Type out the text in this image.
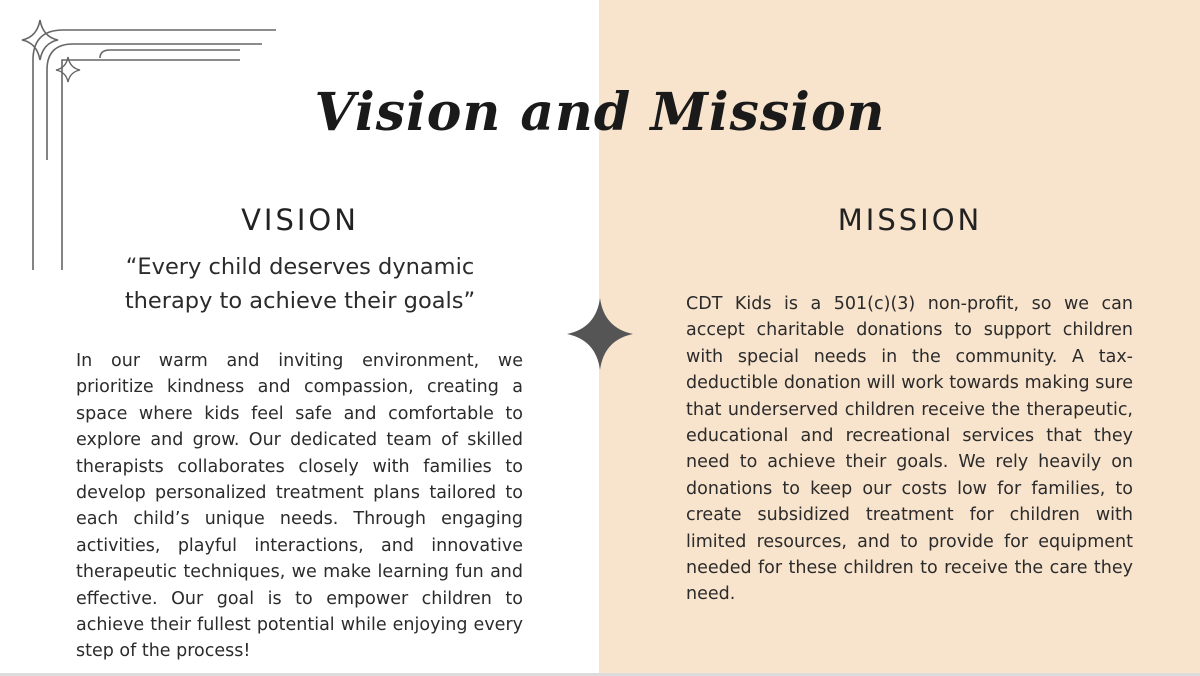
Vision and Mission
VISION

“Every child deserves dynamic therapy to achieve their goals”

In our warm and inviting environment, we prioritize kindness and compassion, creating a space where kids feel safe and comfortable to explore and grow. Our dedicated team of skilled therapists collaborates closely with families to develop personalized treatment plans tailored to each child’s unique needs. Through engaging activities, playful interactions, and innovative therapeutic techniques, we make learning fun and effective. Our goal is to empower children to achieve their fullest potential while enjoying every step of the process!

MISSION

CDT Kids is a 501(c)(3) non-profit, so we can accept charitable donations to support children with special needs in the community. A tax-deductible donation will work towards making sure that underserved children receive the therapeutic, educational and recreational services that they need to achieve their goals. We rely heavily on donations to keep our costs low for families, to create subsidized treatment for children with limited resources, and to provide for equipment needed for these children to receive the care they need.
